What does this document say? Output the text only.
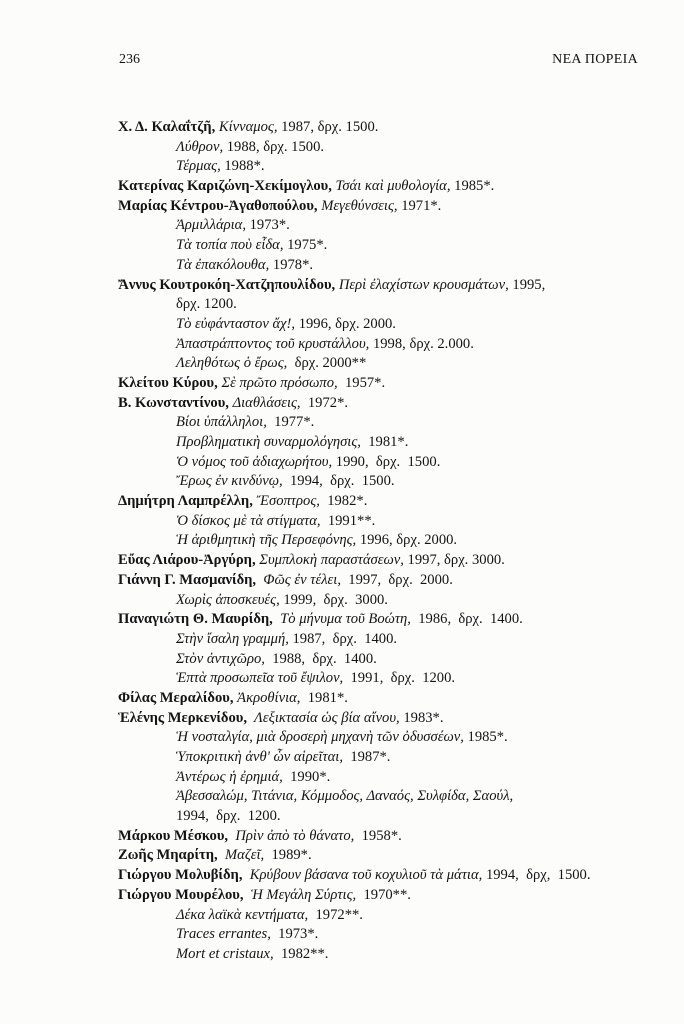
236	ΝΕΑ ΠΟΡΕΙΑ
Χ. Δ. Καλαΐτζῆ, Κίνναμος, 1987, δρχ. 1500.
Λύθρον, 1988, δρχ. 1500.
Τέρμας, 1988*.
Κατερίνας Καριζώνη-Χεκίμογλου, Τσάι καὶ μυθολογία, 1985*.
Μαρίας Κέντρου-Ἀγαθοπούλου, Μεγεθύνσεις, 1971*.
Ἀρμιλλάρια, 1973*.
Τὰ τοπία ποὺ εἶδα, 1975*.
Τὰ ἐπακόλουθα, 1978*.
Ἄννυς Κουτροκόη-Χατζηπουλίδου, Περὶ ἐλαχίστων κρουσμάτων, 1995,
δρχ. 1200.
Τὸ εὐφάνταστον ἄχ!, 1996, δρχ. 2000.
Ἀπαστράπτοντος τοῦ κρυστάλλου, 1998, δρχ. 2.000.
Λεληθότως ὁ ἔρως,  δρχ. 2000**
Κλείτου Κύρου, Σὲ πρῶτο πρόσωπο,  1957*.
Β. Κωνσταντίνου, Διαθλάσεις,  1972*.
Βίοι ὑπάλληλοι,  1977*.
Προβληματικὴ συναρμολόγησις,  1981*.
Ὁ νόμος τοῦ ἀδιαχωρήτου, 1990,  δρχ.  1500.
Ἔρως ἐν κινδύνῳ,  1994,  δρχ.  1500.
Δημήτρη Λαμπρέλλη, Ἔσοπτρος,  1982*.
Ὁ δίσκος μὲ τὰ στίγματα,  1991**.
Ἡ ἀριθμητικὴ τῆς Περσεφόνης, 1996, δρχ. 2000.
Εὔας Λιάρου-Ἀργύρη, Συμπλοκὴ παραστάσεων, 1997, δρχ. 3000.
Γιάννη Γ. Μασμανίδη,  Φῶς ἐν τέλει,  1997,  δρχ.  2000.
Χωρὶς ἀποσκευές, 1999,  δρχ.  3000.
Παναγιώτη Θ. Μαυρίδη,  Τὸ μήνυμα τοῦ Βοώτη,  1986,  δρχ.  1400.
Στὴν ἴσαλη γραμμή, 1987,  δρχ.  1400.
Στὸν ἀντιχῶρο,  1988,  δρχ.  1400.
Ἑπτὰ προσωπεῖα τοῦ ἔψιλον,  1991,  δρχ.  1200.
Φίλας Μεραλίδου, Ἀκροθίνια,  1981*.
Ἑλένης Μερκενίδου,  Λεξικτασία ὡς βία αἴνου, 1983*.
Ἡ νοσταλγία, μιὰ δροσερὴ μηχανὴ τῶν ὀδυσσέων, 1985*.
Ὑποκριτικὴ ἀνθ' ὧν αἱρεῖται,  1987*.
Ἀντέρως ἡ ἐρημιά,  1990*.
Ἀβεσσαλώμ, Τιτάνια, Κόμμοδος, Δαναός, Συλφίδα, Σαούλ,
1994,  δρχ.  1200.
Μάρκου Μέσκου,  Πρὶν ἀπὸ τὸ θάνατο,  1958*.
Ζωῆς Μηαρίτη,  Μαζεῖ,  1989*.
Γιώργου Μολυβίδη,  Κρύβουν βάσανα τοῦ κοχυλιοῦ τὰ μάτια, 1994,  δρχ,  1500.
Γιώργου Μουρέλου,  Ἡ Μεγάλη Σύρτις,  1970**.
Δέκα λαϊκὰ κεντήματα,  1972**.
Traces errantes,  1973*.
Mort et cristaux,  1982**.
